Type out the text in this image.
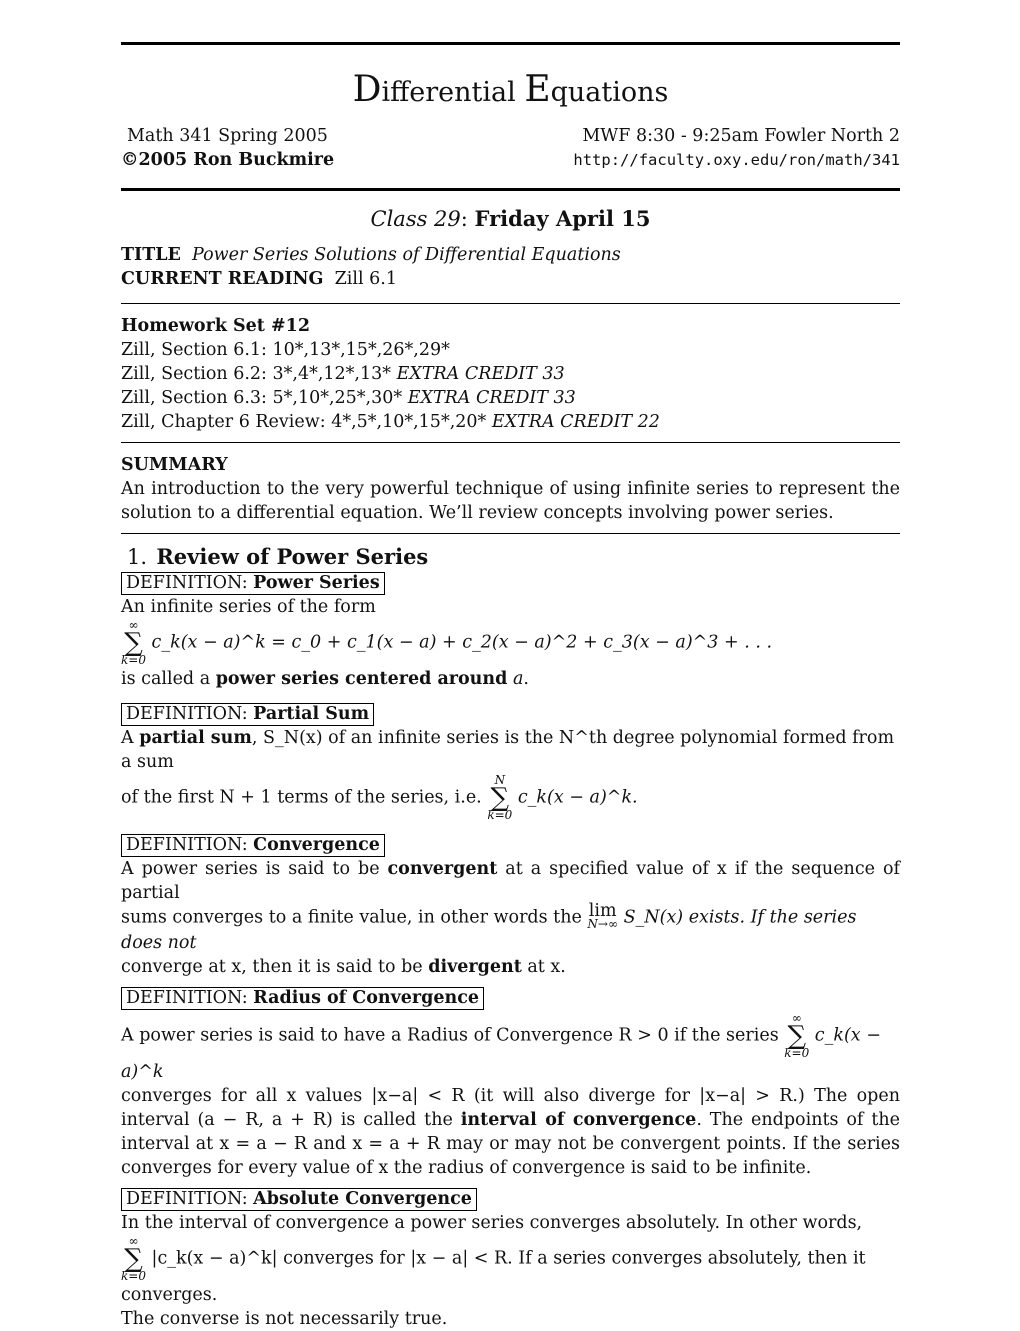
Differential Equations
Math 341 Spring 2005	MWF 8:30 - 9:25am Fowler North 2
©2005 Ron Buckmire	http://faculty.oxy.edu/ron/math/341
Class 29: Friday April 15
TITLE Power Series Solutions of Differential Equations
CURRENT READING Zill 6.1
Homework Set #12
Zill, Section 6.1: 10*,13*,15*,26*,29*
Zill, Section 6.2: 3*,4*,12*,13* EXTRA CREDIT 33
Zill, Section 6.3: 5*,10*,25*,30* EXTRA CREDIT 33
Zill, Chapter 6 Review: 4*,5*,10*,15*,20* EXTRA CREDIT 22
SUMMARY
An introduction to the very powerful technique of using infinite series to represent the solution to a differential equation. We’ll review concepts involving power series.
1. Review of Power Series
DEFINITION: Power Series
An infinite series of the form
∞
∑
k=0
c_k(x − a)^k = c_0 + c_1(x − a) + c_2(x − a)^2 + c_3(x − a)^3 + . . .
is called a power series centered around a.
DEFINITION: Partial Sum
A partial sum, S_N(x) of an infinite series is the N^th degree polynomial formed from a sum
of the first N + 1 terms of the series, i.e.
N
∑
k=0
c_k(x − a)^k.
DEFINITION: Convergence
A power series is said to be convergent at a specified value of x if the sequence of partial
sums converges to a finite value, in other words the lim
N→∞ S_N(x) exists. If the series does not
converge at x, then it is said to be divergent at x.
DEFINITION: Radius of Convergence
A power series is said to have a Radius of Convergence R > 0 if the series
∞
∑
k=0
c_k(x − a)^k
converges for all x values |x−a| < R (it will also diverge for |x−a| > R.) The open interval (a − R, a + R) is called the interval of convergence. The endpoints of the interval at x = a − R and x = a + R may or may not be convergent points. If the series converges for every value of x the radius of convergence is said to be infinite.
DEFINITION: Absolute Convergence
In the interval of convergence a power series converges absolutely. In other words,
∞
∑
k=0
|c_k(x − a)^k| converges for |x − a| < R. If a series converges absolutely, then it converges.
The converse is not necessarily true.
